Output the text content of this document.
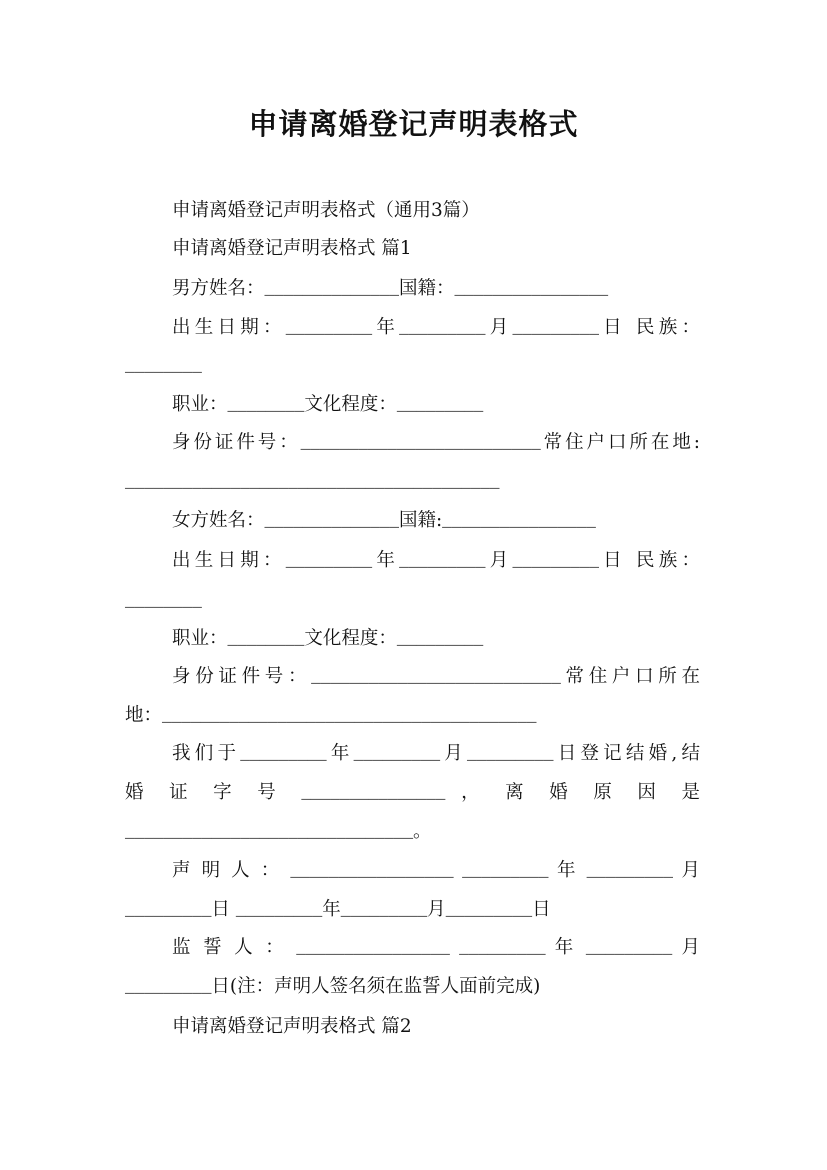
申请离婚登记声明表格式
申请离婚登记声明表格式（通用3篇）
申请离婚登记声明表格式 篇1
男方姓名：______________国籍：________________
出生日期：_________年_________月_________日 民族：
________
职业：________文化程度：_________
身份证件号：_________________________常住户口所在地:
_______________________________________
女方姓名：______________国籍:________________
出生日期：_________年_________月_________日 民族：
________
职业：________文化程度：_________
身份证件号：__________________________常住户口所在
地：_______________________________________
我们于_________年_________月_________日登记结婚,结
婚 证 字 号 _______________ ， 离 婚 原 因 是
______________________________。
声 明 人 ： _________________ _________ 年 _________ 月
_________日 _________年_________月_________日
监 誓 人 ： ________________ _________ 年 _________ 月
_________日(注：声明人签名须在监誓人面前完成)
申请离婚登记声明表格式 篇2
